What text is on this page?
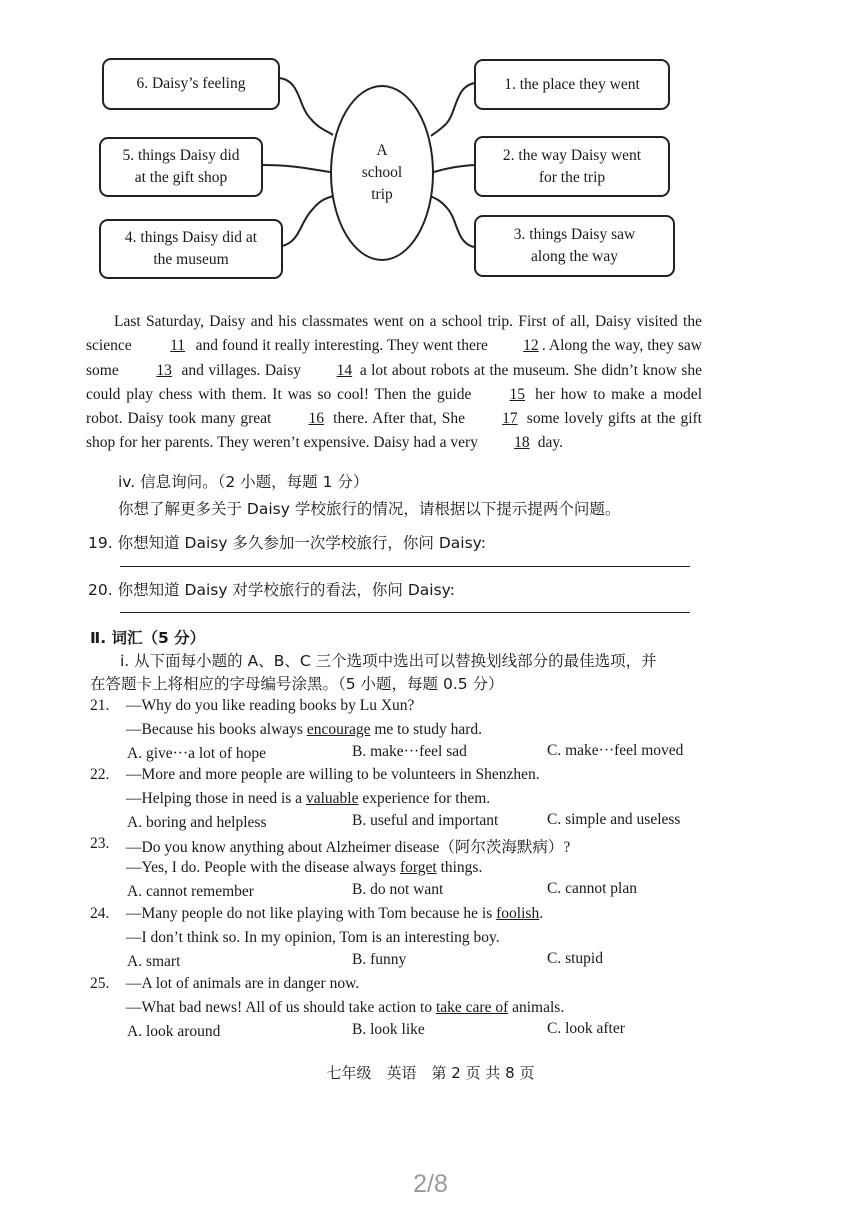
6. Daisy’s feeling
5. things Daisy did
at the gift shop
4. things Daisy did at
the museum
A
school
trip
1. the place they went
2. the way Daisy went
for the trip
3. things Daisy saw
along the way

Last Saturday, Daisy and his classmates went on a school trip. First of all, Daisy visited the science 11 and found it really interesting. They went there 12 . Along the way, they saw some 13 and villages. Daisy 14 a lot about robots at the museum. She didn’t know she could play chess with them. It was so cool! Then the guide 15 her how to make a model robot. Daisy took many great 16 there. After that, She 17 some lovely gifts at the gift shop for her parents. They weren’t expensive. Daisy had a very 18 day.

iv. 信息询问。（2 小题，每题 1 分）
你想了解更多关于 Daisy 学校旅行的情况，请根据以下提示提两个问题。
19. 你想知道 Daisy 多久参加一次学校旅行，你问 Daisy:
20. 你想知道 Daisy 对学校旅行的看法，你问 Daisy:
Ⅱ. 词汇（5 分）
i. 从下面每小题的 A、B、C 三个选项中选出可以替换划线部分的最佳选项，并
在答题卡上将相应的字母编号涂黑。（5 小题，每题 0.5 分）
21. —Why do you like reading books by Lu Xun?
—Because his books always encourage me to study hard.
A. give···a lot of hope	B. make···feel sad	C. make···feel moved
22. —More and more people are willing to be volunteers in Shenzhen.
—Helping those in need is a valuable experience for them.
A. boring and helpless	B. useful and important	C. simple and useless
23. —Do you know anything about Alzheimer disease（阿尔茨海默病）?
—Yes, I do. People with the disease always forget things.
A. cannot remember	B. do not want	C. cannot plan
24. —Many people do not like playing with Tom because he is foolish.
—I don’t think so. In my opinion, Tom is an interesting boy.
A. smart	B. funny	C. stupid
25. —A lot of animals are in danger now.
—What bad news! All of us should take action to take care of animals.
A. look around	B. look like	C. look after
七年级　英语　第 2 页 共 8 页
2/8
